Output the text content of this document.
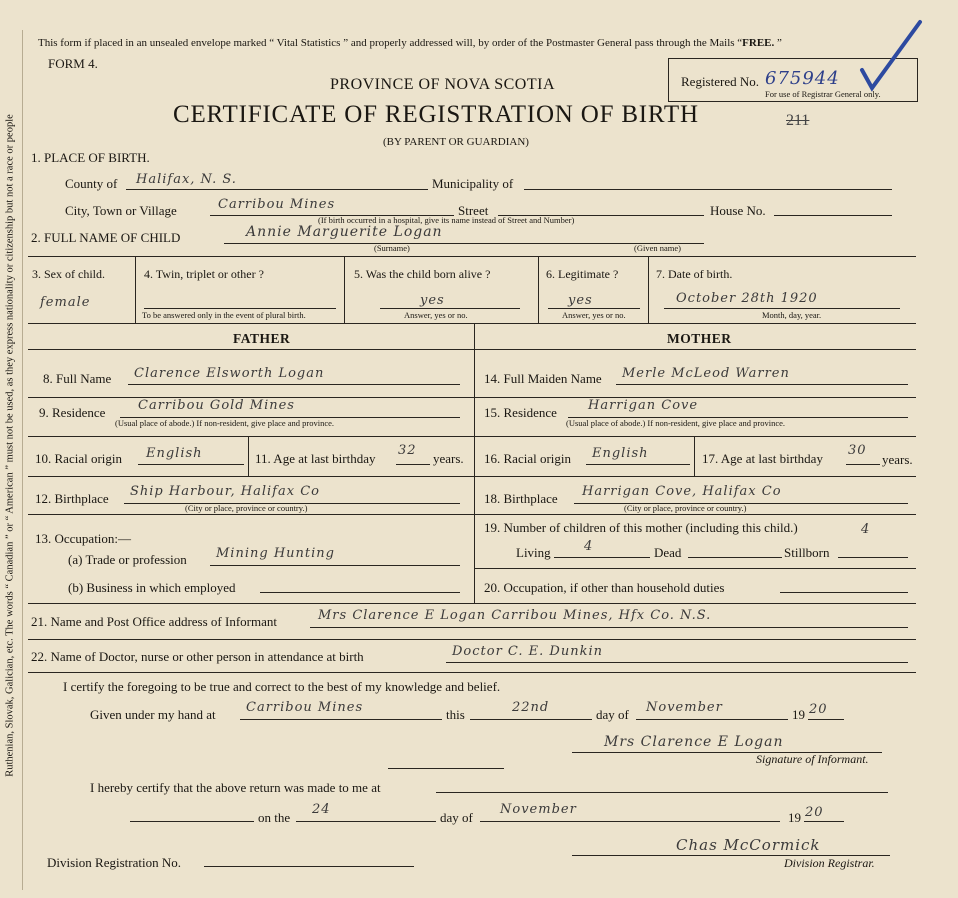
Ruthenian, Slovak, Galician, etc. The words “ Canadian ” or “ American ” must not be used, as they express nationality or citizenship but not a race or people
This form if placed in an unsealed envelope marked “ Vital Statistics ” and properly addressed will, by order of the Postmaster General pass through the Mails “FREE. ”
FORM 4.
PROVINCE OF NOVA SCOTIA
CERTIFICATE OF REGISTRATION OF BIRTH	211
(BY PARENT OR GUARDIAN)
Registered No. 675944
For use of Registrar General only.
1. PLACE OF BIRTH.
County of Halifax, N. S.	Municipality of
City, Town or Village	Carribou Mines	Street	House No.
(If birth occurred in a hospital, give its name instead of Street and Number)
2. FULL NAME OF CHILD	Annie Marguerite Logan
(Surname)	(Given name)
3. Sex of child.
female
4. Twin, triplet or other ?
To be answered only in the event of plural birth.
5. Was the child born alive ?
yes
Answer, yes or no.
6. Legitimate ?
yes
Answer, yes or no.
7. Date of birth.
October 28th 1920
Month, day, year.
FATHER	MOTHER
8. Full Name Clarence Elsworth Logan
9. Residence	Carribou Gold Mines
(Usual place of abode.) If non-resident, give place and province.
10. Racial origin English	11. Age at last birthday
32
years.
12. Birthplace Ship Harbour, Halifax Co
(City or place, province or country.)
13. Occupation:—
(a) Trade or profession Mining Hunting
(b) Business in which employed
14. Full Maiden Name Merle McLeod Warren
15. Residence Harrigan Cove
(Usual place of abode.) If non-resident, give place and province.
16. Racial origin English	17. Age at last birthday
30
years.
18. Birthplace Harrigan Cove, Halifax Co
(City or place, province or country.)
19. Number of children of this mother (including this child.)	4
Living	4	Dead	Stillborn
20. Occupation, if other than household duties
21. Name and Post Office address of Informant	Mrs Clarence E Logan Carribou Mines, Hfx Co. N.S.
22. Name of Doctor, nurse or other person in attendance at birth	Doctor C. E. Dunkin
I certify the foregoing to be true and correct to the best of my knowledge and belief.
Given under my hand at Carribou Mines	this	22nd	day of November	19 20
Mrs Clarence E Logan
Signature of Informant.
I hereby certify that the above return was made to me at
on the
24
day of
November
19 20
Chas McCormick
Division Registrar.
Division Registration No.
